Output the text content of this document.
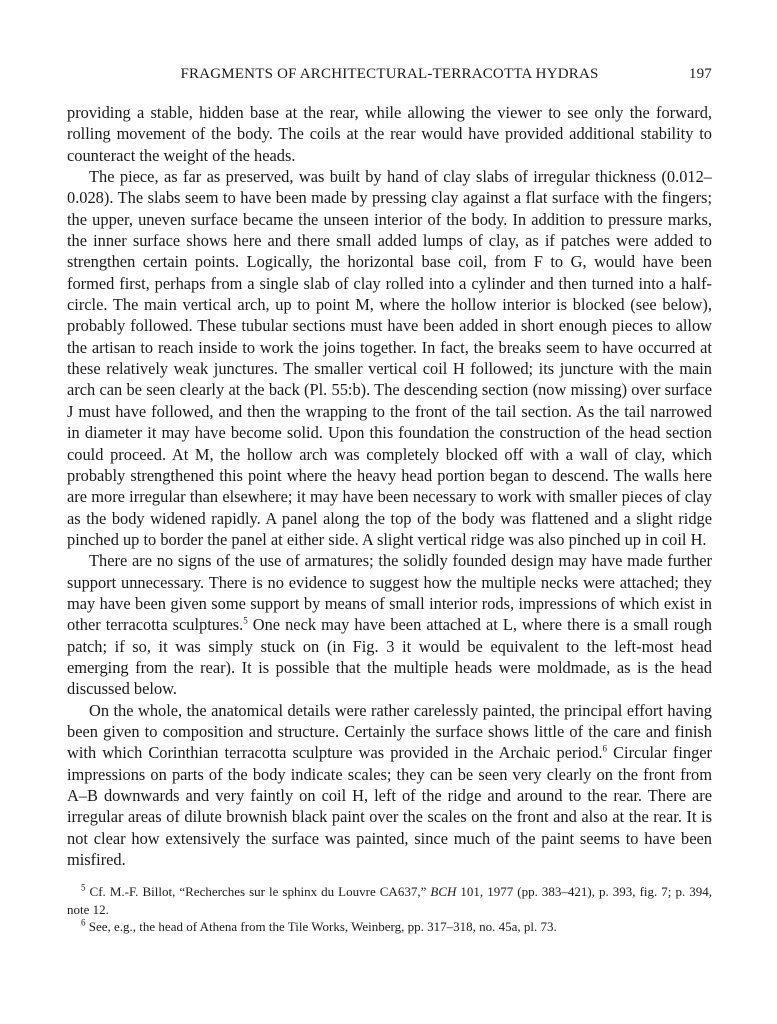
FRAGMENTS OF ARCHITECTURAL-TERRACOTTA HYDRAS	197

providing a stable, hidden base at the rear, while allowing the viewer to see only the forward, rolling movement of the body. The coils at the rear would have provided additional stability to counteract the weight of the heads.

The piece, as far as preserved, was built by hand of clay slabs of irregular thickness (0.012–0.028). The slabs seem to have been made by pressing clay against a flat surface with the fingers; the upper, uneven surface became the unseen interior of the body. In addition to pressure marks, the inner surface shows here and there small added lumps of clay, as if patches were added to strengthen certain points. Logically, the horizontal base coil, from F to G, would have been formed first, perhaps from a single slab of clay rolled into a cylinder and then turned into a half-circle. The main vertical arch, up to point M, where the hollow interior is blocked (see below), probably followed. These tubular sections must have been added in short enough pieces to allow the artisan to reach inside to work the joins together. In fact, the breaks seem to have occurred at these relatively weak junctures. The smaller vertical coil H followed; its juncture with the main arch can be seen clearly at the back (Pl. 55:b). The descending section (now missing) over surface J must have followed, and then the wrapping to the front of the tail section. As the tail narrowed in diameter it may have become solid. Upon this foundation the construction of the head section could proceed. At M, the hollow arch was completely blocked off with a wall of clay, which probably strengthened this point where the heavy head portion began to descend. The walls here are more irregular than elsewhere; it may have been necessary to work with smaller pieces of clay as the body widened rapidly. A panel along the top of the body was flattened and a slight ridge pinched up to border the panel at either side. A slight vertical ridge was also pinched up in coil H.

There are no signs of the use of armatures; the solidly founded design may have made further support unnecessary. There is no evidence to suggest how the multiple necks were attached; they may have been given some support by means of small interior rods, impressions of which exist in other terracotta sculptures.$^5$ One neck may have been attached at L, where there is a small rough patch; if so, it was simply stuck on (in Fig. 3 it would be equivalent to the left-most head emerging from the rear). It is possible that the multiple heads were moldmade, as is the head discussed below.

On the whole, the anatomical details were rather carelessly painted, the principal effort having been given to composition and structure. Certainly the surface shows little of the care and finish with which Corinthian terracotta sculpture was provided in the Archaic period.$^6$ Circular finger impressions on parts of the body indicate scales; they can be seen very clearly on the front from A–B downwards and very faintly on coil H, left of the ridge and around to the rear. There are irregular areas of dilute brownish black paint over the scales on the front and also at the rear. It is not clear how extensively the surface was painted, since much of the paint seems to have been misfired.

$^5$ Cf. M.-F. Billot, “Recherches sur le sphinx du Louvre CA637,” BCH 101, 1977 (pp. 383–421), p. 393, fig. 7; p. 394, note 12.

$^6$ See, e.g., the head of Athena from the Tile Works, Weinberg, pp. 317–318, no. 45a, pl. 73.
